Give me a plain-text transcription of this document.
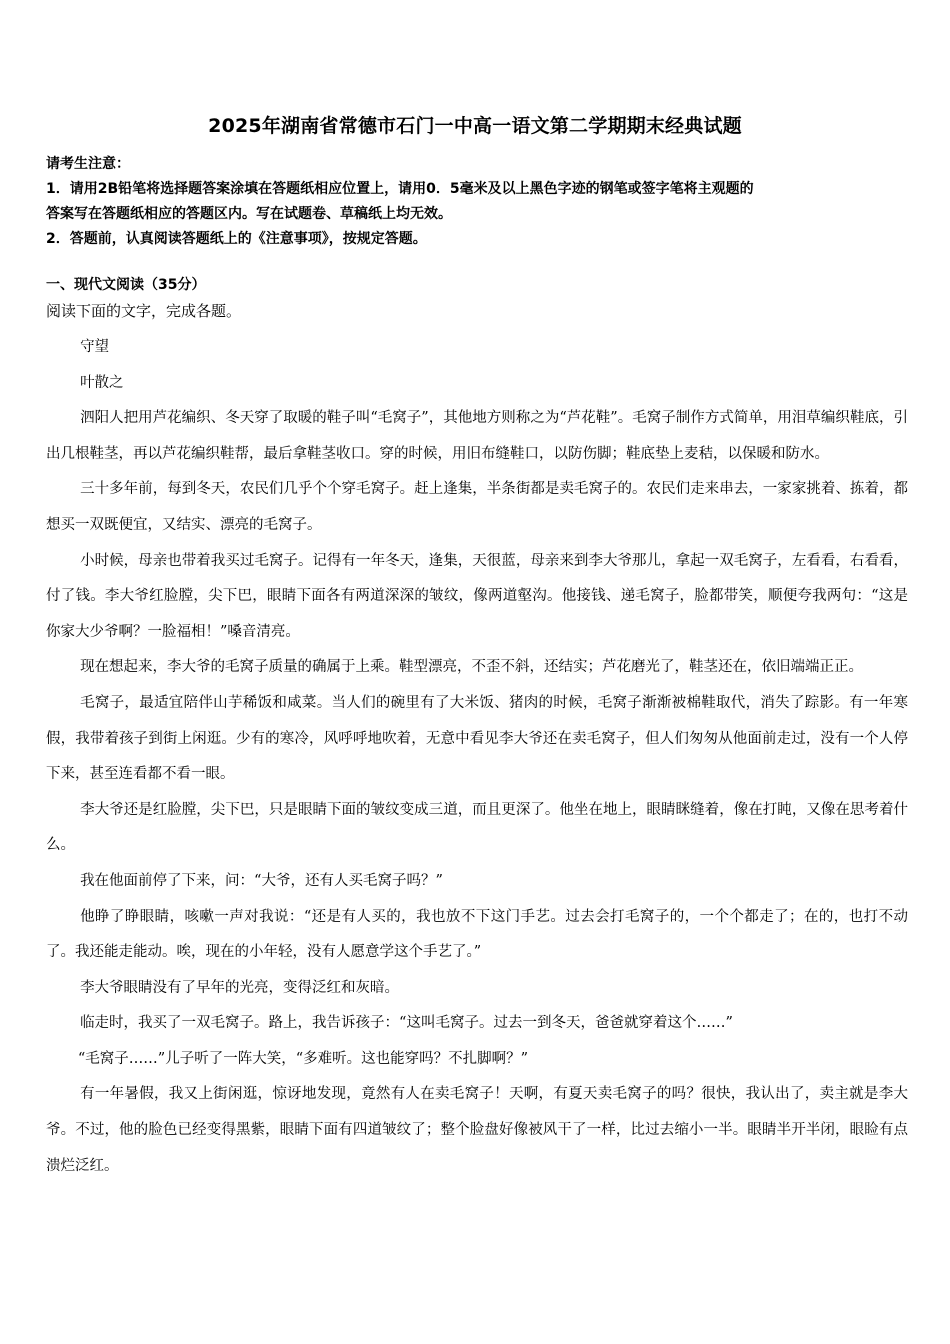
2025年湖南省常德市石门一中高一语文第二学期期末经典试题
请考生注意：
1．请用2B铅笔将选择题答案涂填在答题纸相应位置上，请用0．5毫米及以上黑色字迹的钢笔或签字笔将主观题的
答案写在答题纸相应的答题区内。写在试题卷、草稿纸上均无效。
2．答题前，认真阅读答题纸上的《注意事项》，按规定答题。
一、现代文阅读（35分）
阅读下面的文字，完成各题。

守望

叶散之

泗阳人把用芦花编织、冬天穿了取暖的鞋子叫“毛窝子”，其他地方则称之为“芦花鞋”。毛窝子制作方式简单，用泪草编织鞋底，引出几根鞋茎，再以芦花编织鞋帮，最后拿鞋茎收口。穿的时候，用旧布缝鞋口，以防伤脚；鞋底垫上麦秸，以保暖和防水。

三十多年前，每到冬天，农民们几乎个个穿毛窝子。赶上逢集，半条街都是卖毛窝子的。农民们走来串去，一家家挑着、拣着，都想买一双既便宜，又结实、漂亮的毛窝子。

小时候，母亲也带着我买过毛窝子。记得有一年冬天，逢集，天很蓝，母亲来到李大爷那儿，拿起一双毛窝子，左看看，右看看，付了钱。李大爷红脸膛，尖下巴，眼睛下面各有两道深深的皱纹，像两道壑沟。他接钱、递毛窝子，脸都带笑，顺便夸我两句：“这是你家大少爷啊？一脸福相！”嗓音清亮。

现在想起来，李大爷的毛窝子质量的确属于上乘。鞋型漂亮，不歪不斜，还结实；芦花磨光了，鞋茎还在，依旧端端正正。

毛窝子，最适宜陪伴山芋稀饭和咸菜。当人们的碗里有了大米饭、猪肉的时候，毛窝子渐渐被棉鞋取代，消失了踪影。有一年寒假，我带着孩子到街上闲逛。少有的寒冷，风呼呼地吹着，无意中看见李大爷还在卖毛窝子，但人们匆匆从他面前走过，没有一个人停下来，甚至连看都不看一眼。

李大爷还是红脸膛，尖下巴，只是眼睛下面的皱纹变成三道，而且更深了。他坐在地上，眼睛眯缝着，像在打盹，又像在思考着什么。

我在他面前停了下来，问：“大爷，还有人买毛窝子吗？”

他睁了睁眼睛，咳嗽一声对我说：“还是有人买的，我也放不下这门手艺。过去会打毛窝子的，一个个都走了；在的，也打不动了。我还能走能动。唉，现在的小年轻，没有人愿意学这个手艺了。”

李大爷眼睛没有了早年的光亮，变得泛红和灰暗。

临走时，我买了一双毛窝子。路上，我告诉孩子：“这叫毛窝子。过去一到冬天，爸爸就穿着这个……”

“毛窝子……”儿子听了一阵大笑，“多难听。这也能穿吗？不扎脚啊？”

有一年暑假，我又上街闲逛，惊讶地发现，竟然有人在卖毛窝子！天啊，有夏天卖毛窝子的吗？很快，我认出了，卖主就是李大爷。不过，他的脸色已经变得黑紫，眼睛下面有四道皱纹了；整个脸盘好像被风干了一样，比过去缩小一半。眼睛半开半闭，眼睑有点溃烂泛红。
